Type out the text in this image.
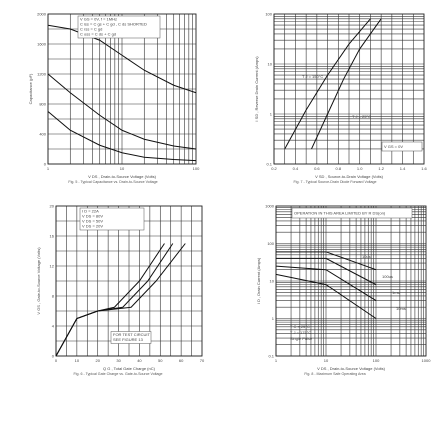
1	10	100
0
400
800
1200
1600
2000
V DS , Drain-to-Source Voltage (Volts)
Capacitance (pF)
V GS = 0V, f = 1MHz
C iss = C gs + C gd , C ds SHORTED
C rss = C gd
C oss = C ds + C gd
Fig. 5 - Typical Capacitance vs. Drain-to-Source Voltage
0.2	0.4	0.6	0.8	1.0	1.2	1.4	1.6
0.1
1
10
100
V SD , Source-to-Drain Voltage (Volts)
I SD , Reverse Drain Current (Amps)
V GS = 0V
T J = 150°C
T J = 25°C
Fig. 7 - Typical Source-Drain Diode Forward Voltage
0	10	20	30	40	50	60	70
0
4
8
12
16
20
Q G , Total Gate Charge (nC)
V GS , Gate-to-Source Voltage (Volts)
I D = 22A
V DS = 80V
V DS = 50V
V DS = 20V
FOR TEST CIRCUIT
SEE FIGURE 13
Fig. 6 - Typical Gate Charge vs. Gate-to-Source Voltage
1	10	100	1000
0.1
1
10
100
1000
V DS , Drain-to-Source Voltage (Volts)
I D , Drain Current (Amps)
OPERATION IN THIS AREA LIMITED BY R DS(on)
10us
100us
1ms
10ms
T C = 25°C
T J = 175°C
Single Pulse
Fig. 8 - Maximum Safe Operating Area
